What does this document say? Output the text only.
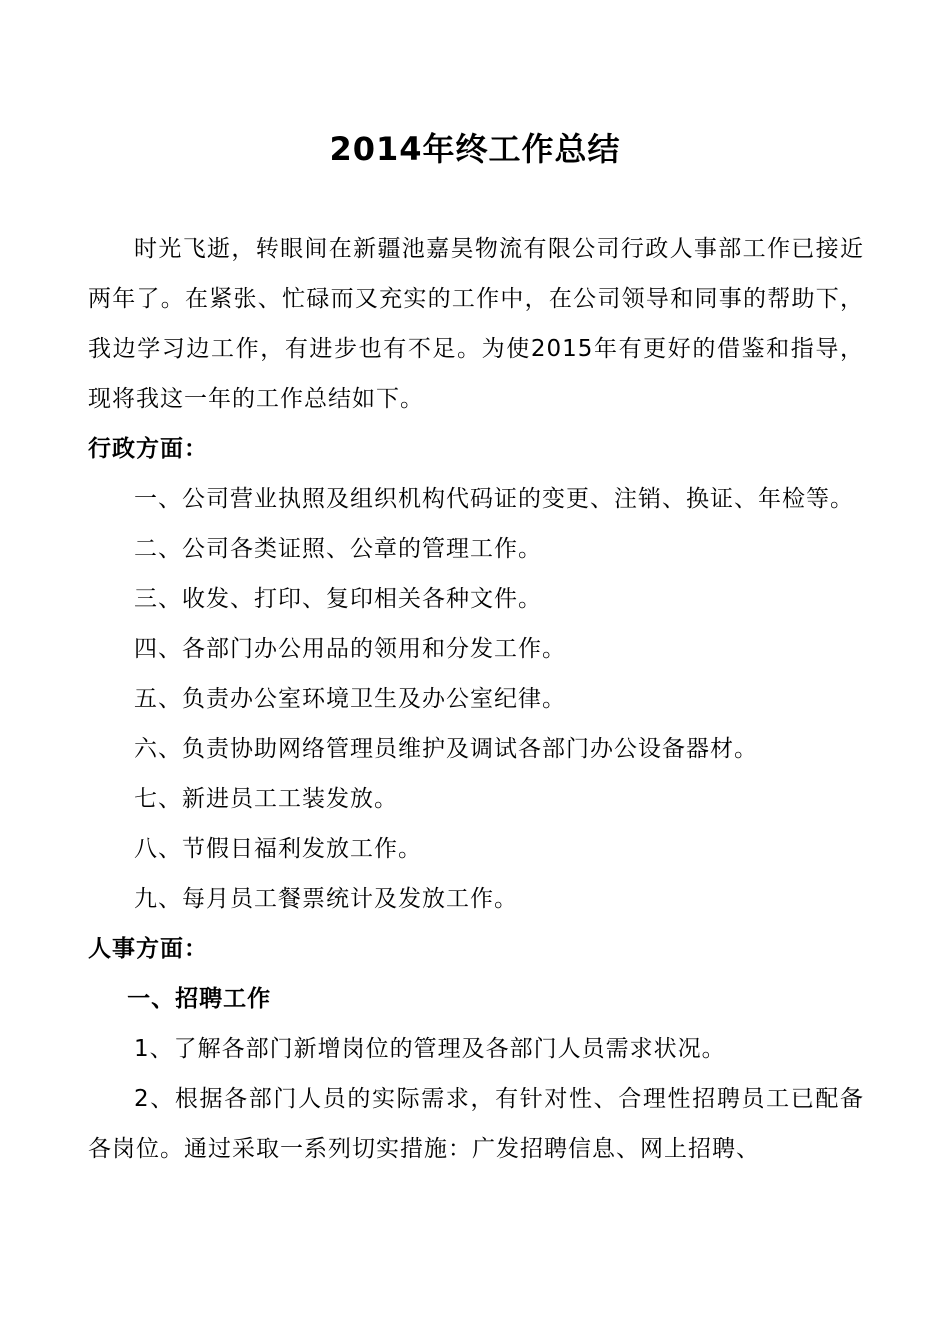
2014年终工作总结

时光飞逝，转眼间在新疆池嘉昊物流有限公司行政人事部工作已接近两年了。在紧张、忙碌而又充实的工作中，在公司领导和同事的帮助下，我边学习边工作，有进步也有不足。为使2015年有更好的借鉴和指导，现将我这一年的工作总结如下。

行政方面：

一、公司营业执照及组织机构代码证的变更、注销、换证、年检等。

二、公司各类证照、公章的管理工作。

三、收发、打印、复印相关各种文件。

四、各部门办公用品的领用和分发工作。

五、负责办公室环境卫生及办公室纪律。

六、负责协助网络管理员维护及调试各部门办公设备器材。

七、新进员工工装发放。

八、节假日福利发放工作。

九、每月员工餐票统计及发放工作。

人事方面：

一、招聘工作

1、了解各部门新增岗位的管理及各部门人员需求状况。

2、根据各部门人员的实际需求，有针对性、合理性招聘员工已配备各岗位。通过采取一系列切实措施：广发招聘信息、网上招聘、
